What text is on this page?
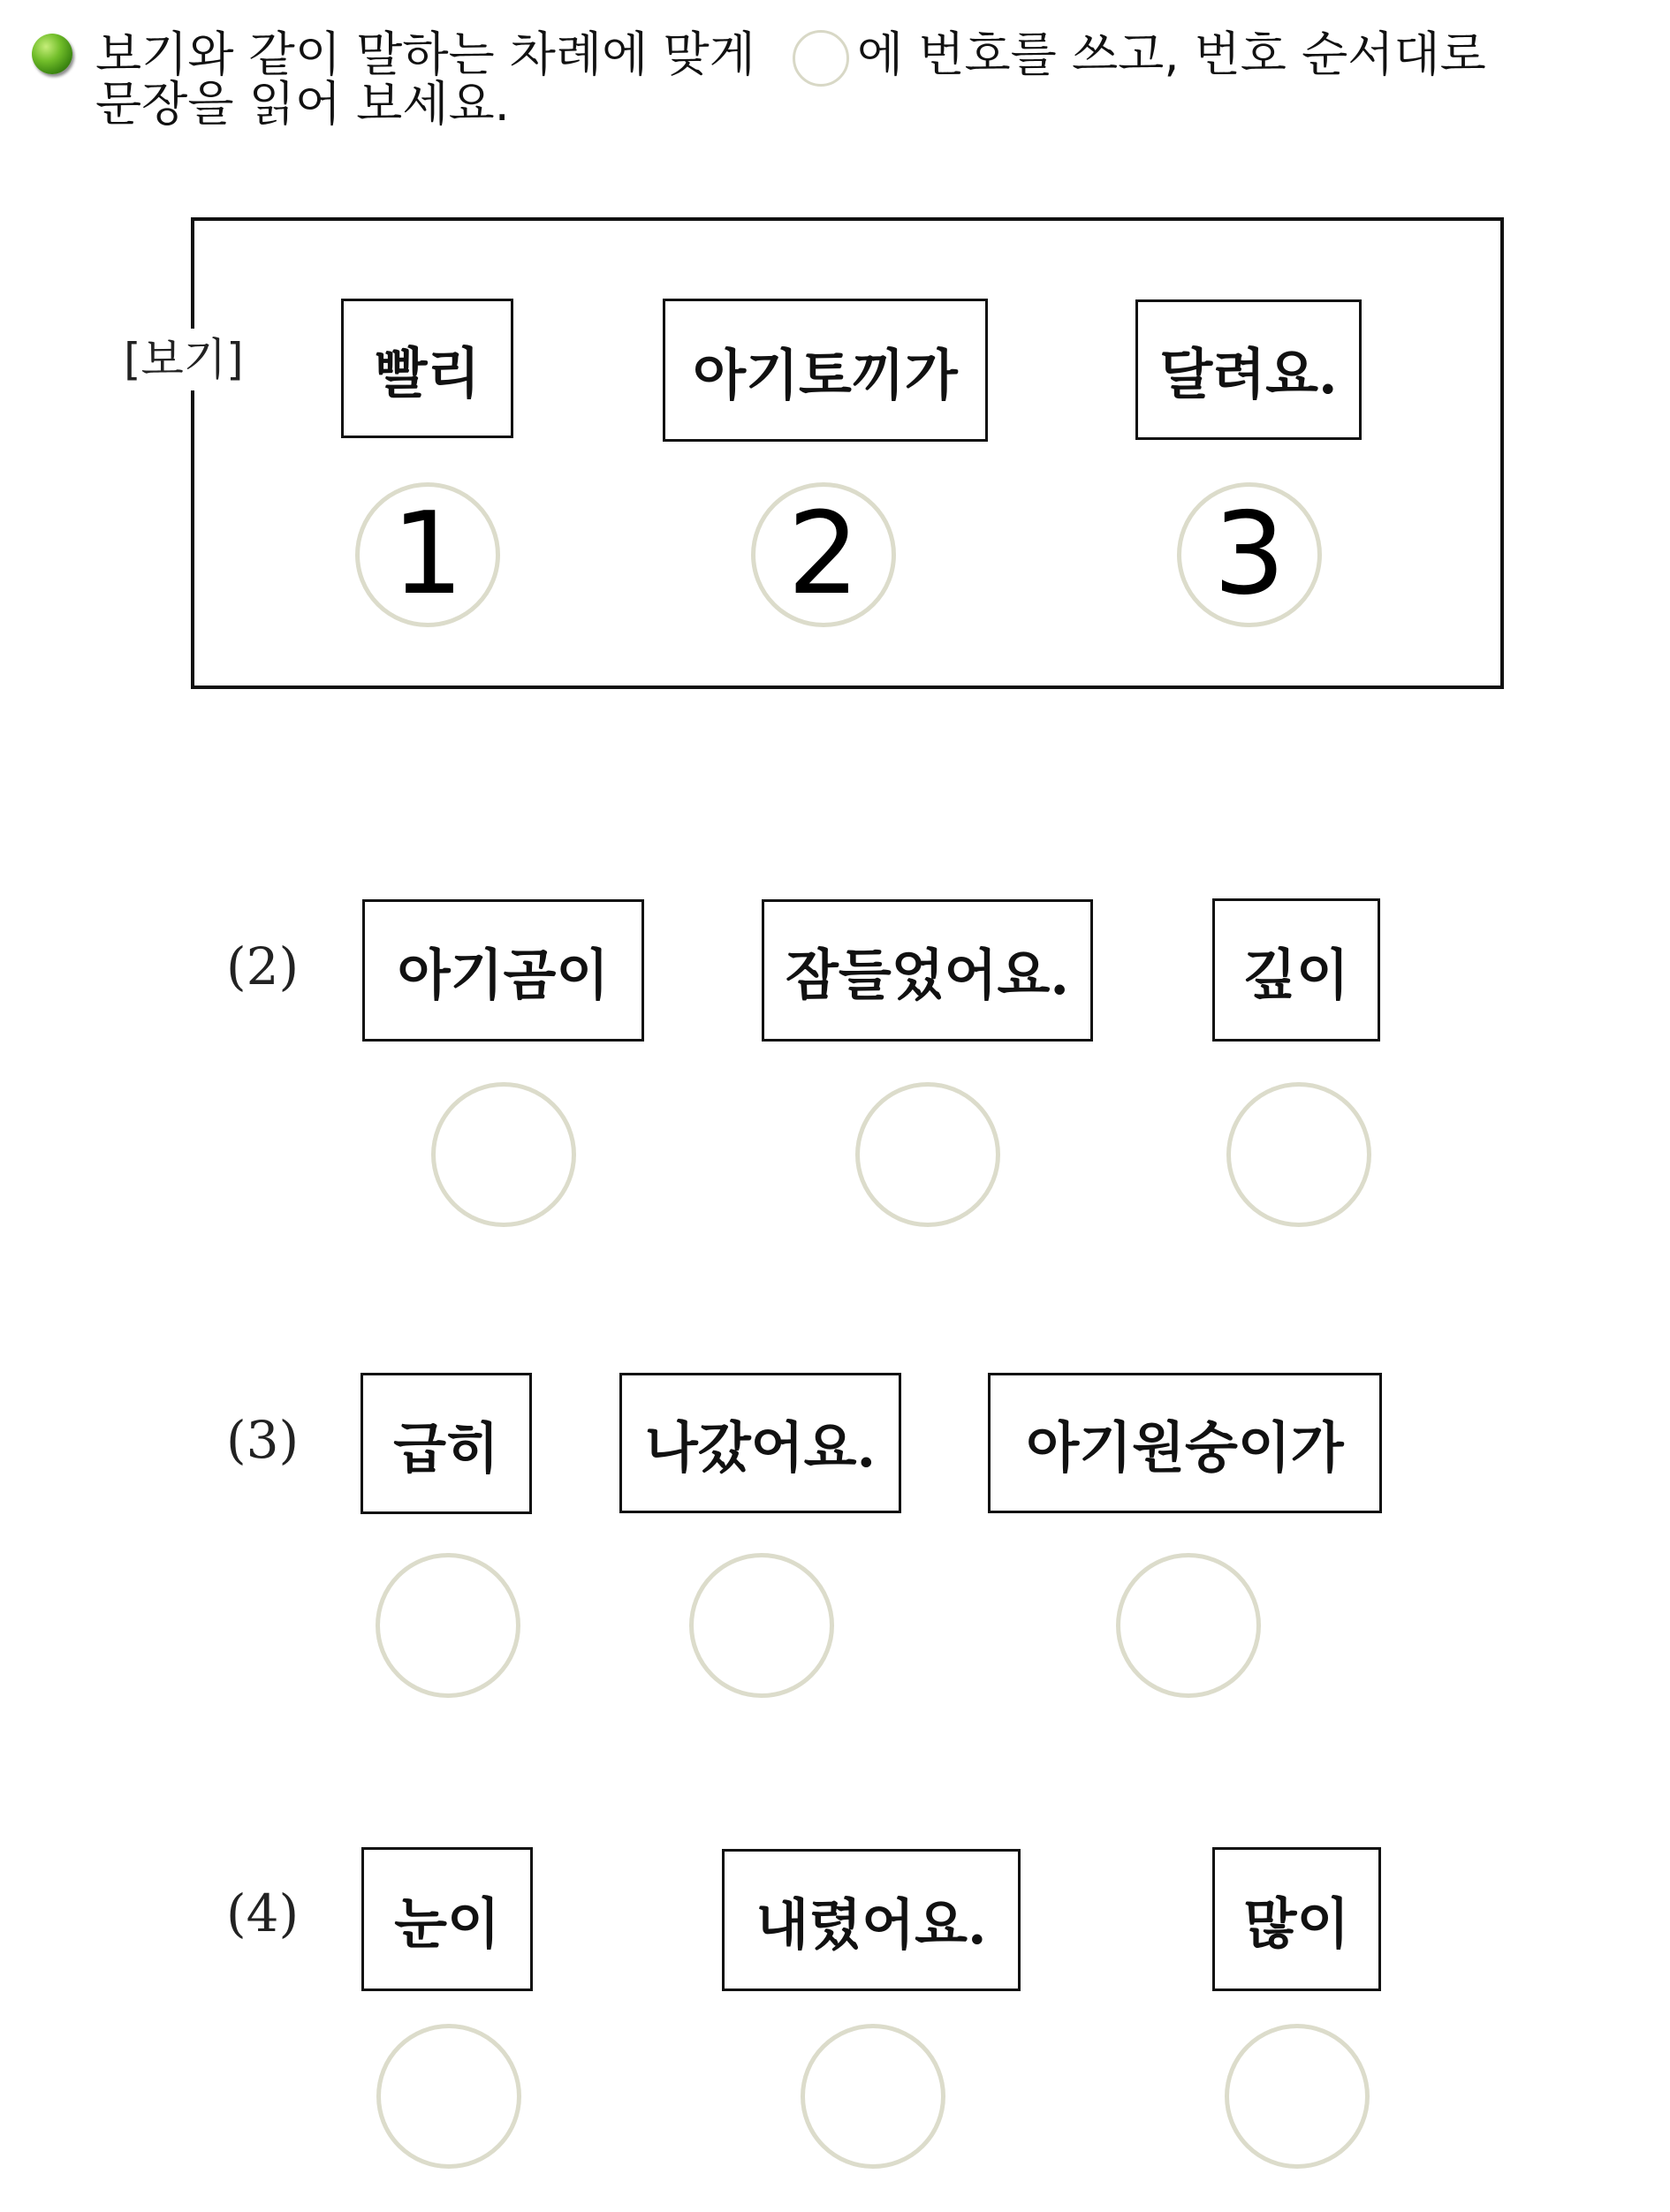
보기와 같이 말하는 차례에 맞게 에 번호를 쓰고, 번호 순서대로
문장을 읽어 보세요.
[보기]	빨리	아기토끼가	달려요.
1	2	3
(2)	아기곰이	잠들었어요.	깊이
(3)	급히	나갔어요.	아기원숭이가
(4)	눈이	내렸어요.	많이
